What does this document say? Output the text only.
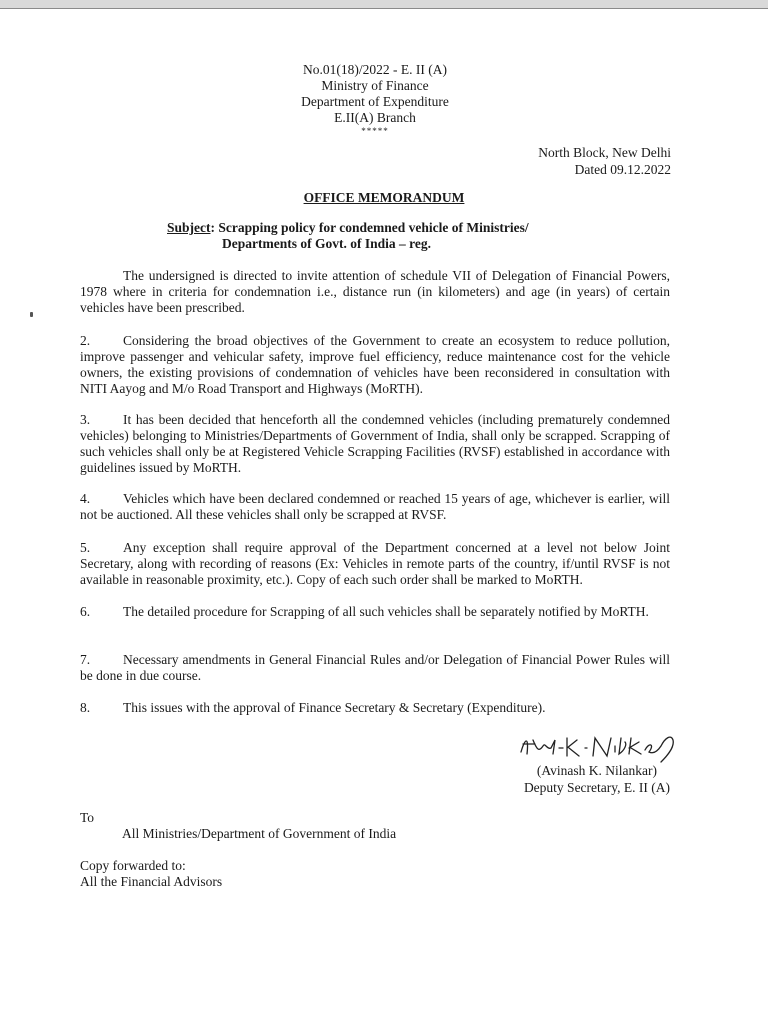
No.01(18)/2022 - E. II (A)
Ministry of Finance
Department of Expenditure
E.II(A) Branch
*****
North Block, New Delhi
Dated 09.12.2022
OFFICE MEMORANDUM
Subject: Scrapping policy for condemned vehicle of Ministries/
Departments of Govt. of India – reg.
The undersigned is directed to invite attention of schedule VII of Delegation of Financial Powers, 1978 where in criteria for condemnation i.e., distance run (in kilometers) and age (in years) of certain vehicles have been prescribed.
2. Considering the broad objectives of the Government to create an ecosystem to reduce pollution, improve passenger and vehicular safety, improve fuel efficiency, reduce maintenance cost for the vehicle owners, the existing provisions of condemnation of vehicles have been reconsidered in consultation with NITI Aayog and M/o Road Transport and Highways (MoRTH).
3. It has been decided that henceforth all the condemned vehicles (including prematurely condemned vehicles) belonging to Ministries/Departments of Government of India, shall only be scrapped. Scrapping of such vehicles shall only be at Registered Vehicle Scrapping Facilities (RVSF) established in accordance with guidelines issued by MoRTH.
4. Vehicles which have been declared condemned or reached 15 years of age, whichever is earlier, will not be auctioned. All these vehicles shall only be scrapped at RVSF.
5. Any exception shall require approval of the Department concerned at a level not below Joint Secretary, along with recording of reasons (Ex: Vehicles in remote parts of the country, if/until RVSF is not available in reasonable proximity, etc.). Copy of each such order shall be marked to MoRTH.
6. The detailed procedure for Scrapping of all such vehicles shall be separately notified by MoRTH.
7. Necessary amendments in General Financial Rules and/or Delegation of Financial Power Rules will be done in due course.
8. This issues with the approval of Finance Secretary & Secretary (Expenditure).
(Avinash K. Nilankar)
Deputy Secretary, E. II (A)
To
All Ministries/Department of Government of India
Copy forwarded to:
All the Financial Advisors
